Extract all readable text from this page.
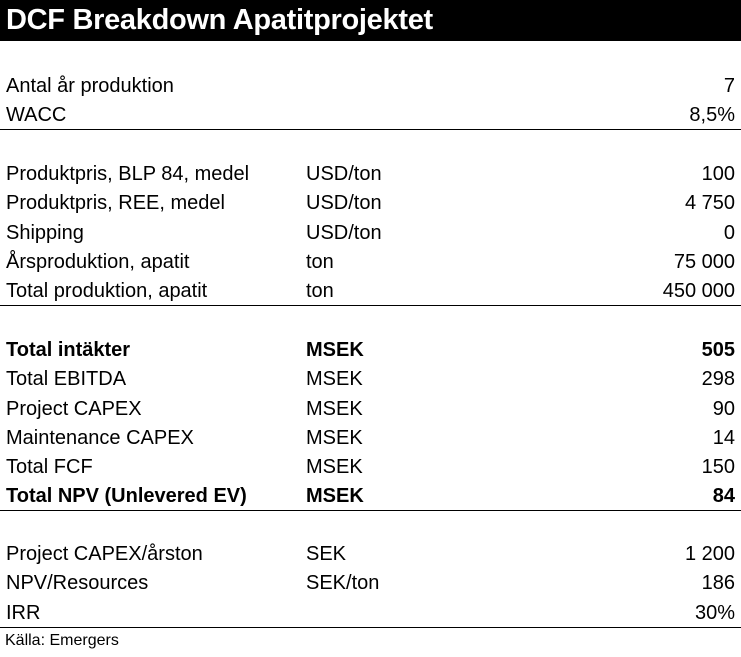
DCF Breakdown Apatitprojektet
Antal år produktion	7
WACC	8,5%
Produktpris, BLP 84, medel	USD/ton	100
Produktpris, REE, medel	USD/ton	4 750
Shipping	USD/ton	0
Årsproduktion, apatit	ton	75 000
Total produktion, apatit	ton	450 000
Total intäkter	MSEK	505
Total EBITDA	MSEK	298
Project CAPEX	MSEK	90
Maintenance CAPEX	MSEK	14
Total FCF	MSEK	150
Total NPV (Unlevered EV)	MSEK	84
Project CAPEX/årston	SEK	1 200
NPV/Resources	SEK/ton	186
IRR	30%
Källa: Emergers
